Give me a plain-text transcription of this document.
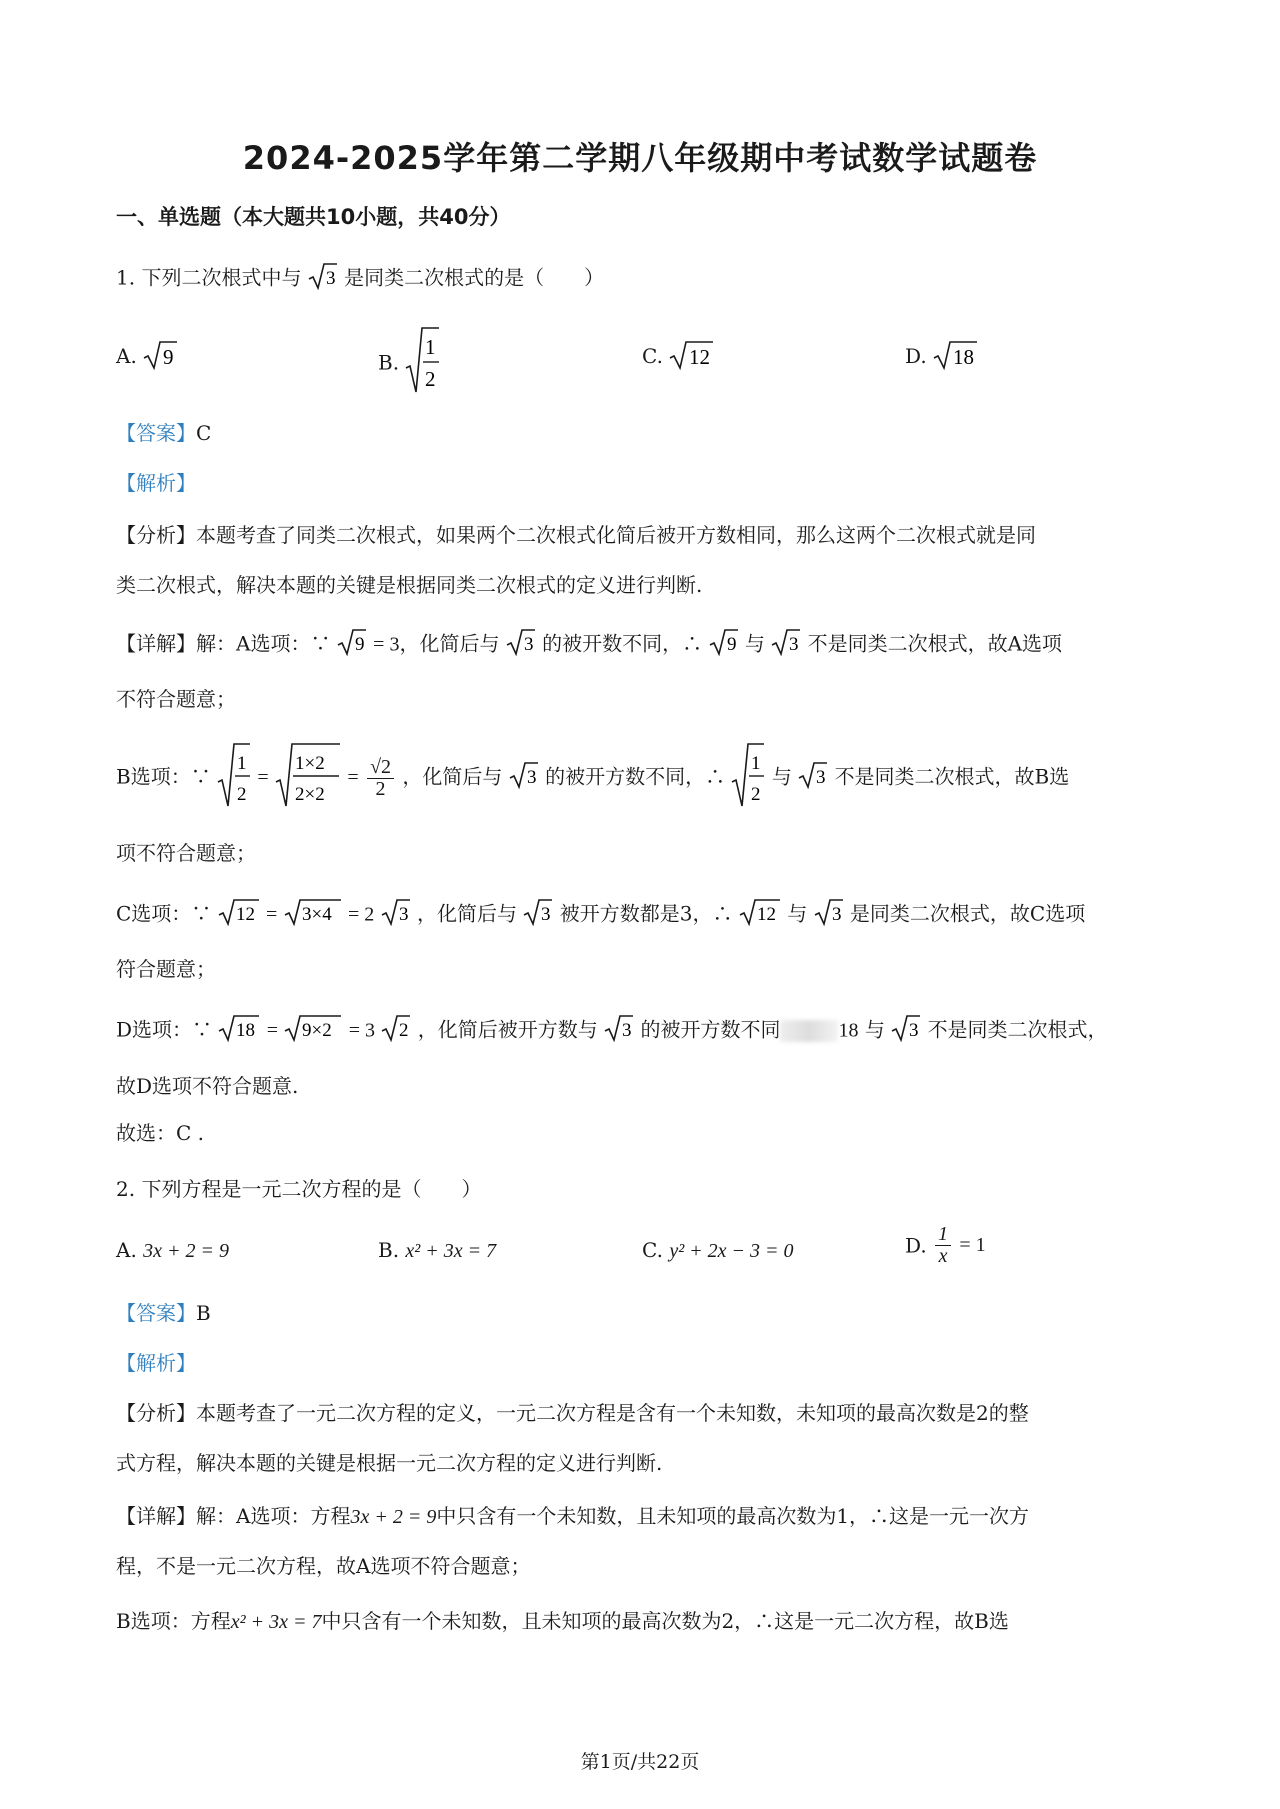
2024-2025学年第二学期八年级期中考试数学试题卷
一、单选题（本大题共10小题，共40分）
1. 下列二次根式中与 3 是同类二次根式的是（　　）
A. 9	B.
1
2
C. 12	D. 18
【答案】C
【解析】
【分析】本题考查了同类二次根式，如果两个二次根式化简后被开方数相同，那么这两个二次根式就是同
类二次根式，解决本题的关键是根据同类二次根式的定义进行判断.
【详解】解：A选项：∵ 9 = 3，化简后与 3 的被开数不同，∴ 9 与 3 不是同类二次根式，故A选项
不符合题意；
B选项：∵
1
2
=
1×2
2×2
= $\frac{√2}{2}$ ，化简后与 3 的被开方数不同，∴
1
2
与 3 不是同类二次根式，故B选
项不符合题意；
C选项：∵ 12 = 3×4 = 2 3 ，化简后与 3 被开方数都是3，∴ 12 与 3 是同类二次根式，故C选项
符合题意；
D选项：∵ 18 = 9×2 = 3 2 ，化简后被开方数与 3 的被开方数不同	18 与 3 不是同类二次根式，
故D选项不符合题意.
故选：C .
2. 下列方程是一元二次方程的是（　　）
A. 3x + 2 = 9	B. x² + 3x = 7	C. y² + 2x − 3 = 0	D. $\frac{1}{x} = 1$
【答案】B
【解析】
【分析】本题考查了一元二次方程的定义，一元二次方程是含有一个未知数，未知项的最高次数是2的整
式方程，解决本题的关键是根据一元二次方程的定义进行判断.
【详解】解：A选项：方程3x + 2 = 9中只含有一个未知数，且未知项的最高次数为1，∴这是一元一次方
程，不是一元二次方程，故A选项不符合题意；
B选项：方程x² + 3x = 7中只含有一个未知数，且未知项的最高次数为2，∴这是一元二次方程，故B选
第1页/共22页
